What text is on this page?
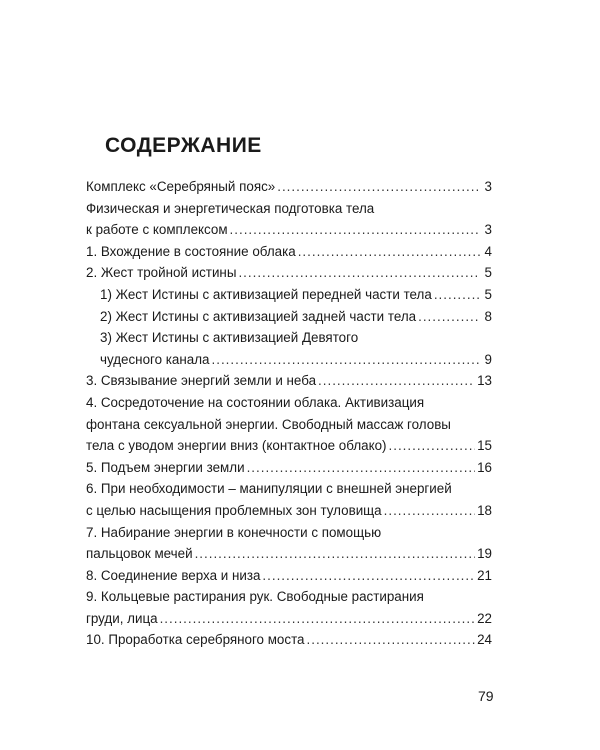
СОДЕРЖАНИЕ
Комплекс «Серебряный пояс» .....	3
Физическая и энергетическая подготовка тела
к работе с комплексом .....	3
1. Вхождение в состояние облака .....	4
2. Жест тройной истины .....	5
1) Жест Истины с активизацией передней части тела .....	5
2) Жест Истины с активизацией задней части тела .....	8
3) Жест Истины с активизацией Девятого
чудесного канала .....	9
3. Связывание энергий земли и неба .....	13
4. Сосредоточение на состоянии облака. Активизация
фонтана сексуальной энергии. Свободный массаж головы
тела с уводом энергии вниз (контактное облако) .....	15
5. Подъем энергии земли .....	16
6. При необходимости – манипуляции с внешней энергией
с целью насыщения проблемных зон туловища .....	18
7. Набирание энергии в конечности с помощью
пальцовок мечей .....	19
8. Соединение верха и низа .....	21
9. Кольцевые растирания рук. Свободные растирания
груди, лица .....	22
10. Проработка серебряного моста .....	24
79
